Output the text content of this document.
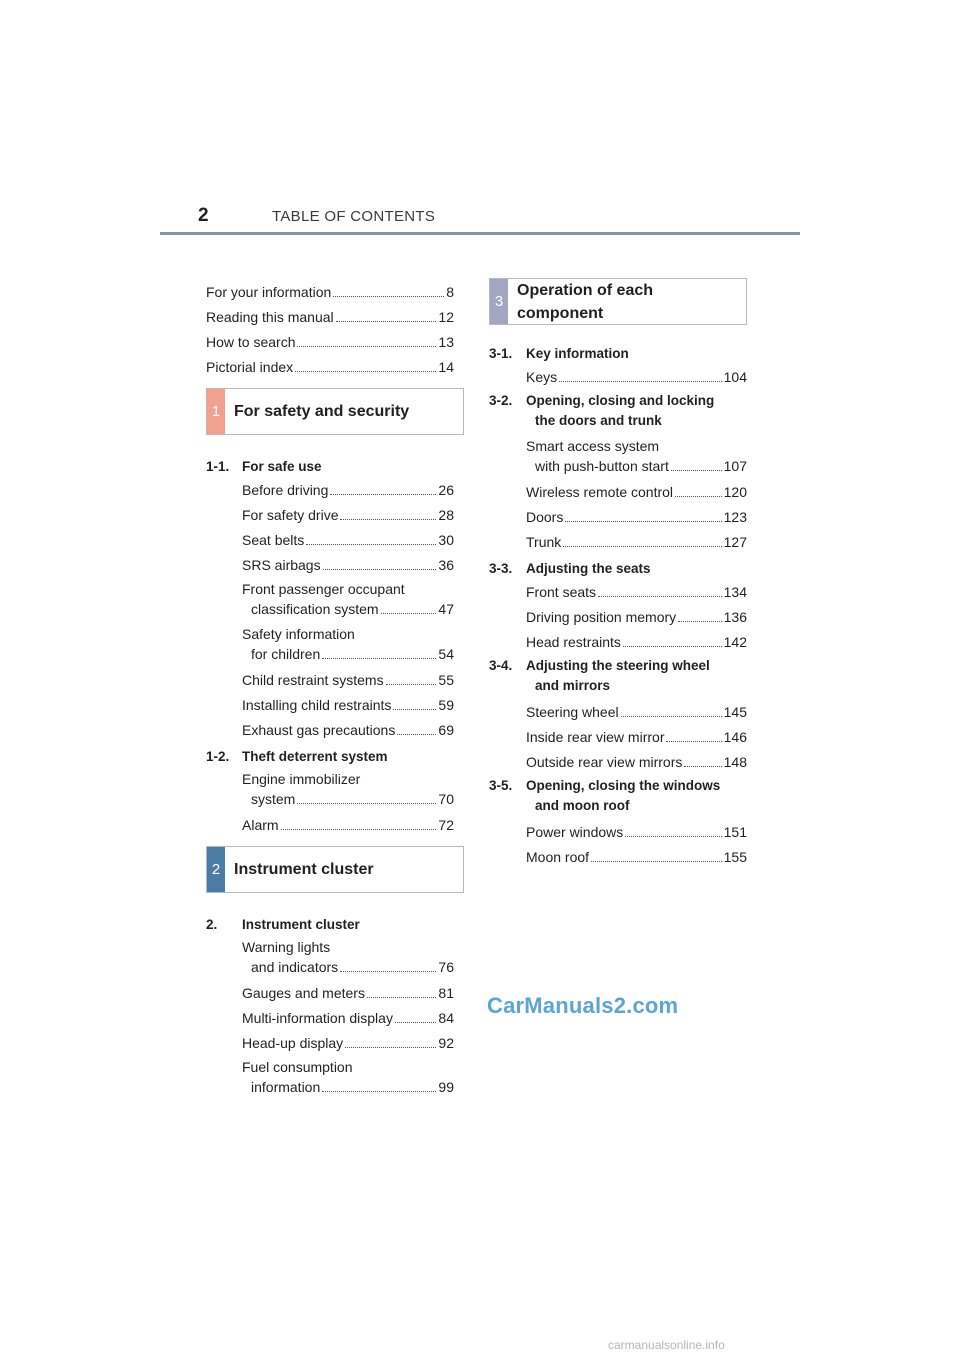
2	TABLE OF CONTENTS
For your information	8
Reading this manual	12
How to search	13
Pictorial index	14
1 For safety and security
1-1. For safe use
Before driving	26
For safety drive	28
Seat belts	30
SRS airbags	36
Front passenger occupant
classification system	47
Safety information
for children	54
Child restraint systems	55
Installing child restraints	59
Exhaust gas precautions	69
1-2. Theft deterrent system
Engine immobilizer
system	70
Alarm	72
2 Instrument cluster
2.	Instrument cluster
Warning lights
and indicators	76
Gauges and meters	81
Multi-information display	84
Head-up display	92
Fuel consumption
information	99
3
Operation of each
component
3-1.	Key information
Keys	104
3-2.	Opening, closing and locking
the doors and trunk
Smart access system
with push-button start	107
Wireless remote control	120
Doors	123
Trunk	127
3-3.	Adjusting the seats
Front seats	134
Driving position memory	136
Head restraints	142
3-4.	Adjusting the steering wheel
and mirrors
Steering wheel	145
Inside rear view mirror	146
Outside rear view mirrors	148
3-5.	Opening, closing the windows
and moon roof
Power windows	151
Moon roof	155
CarManuals2.com
carmanualsonline.info
